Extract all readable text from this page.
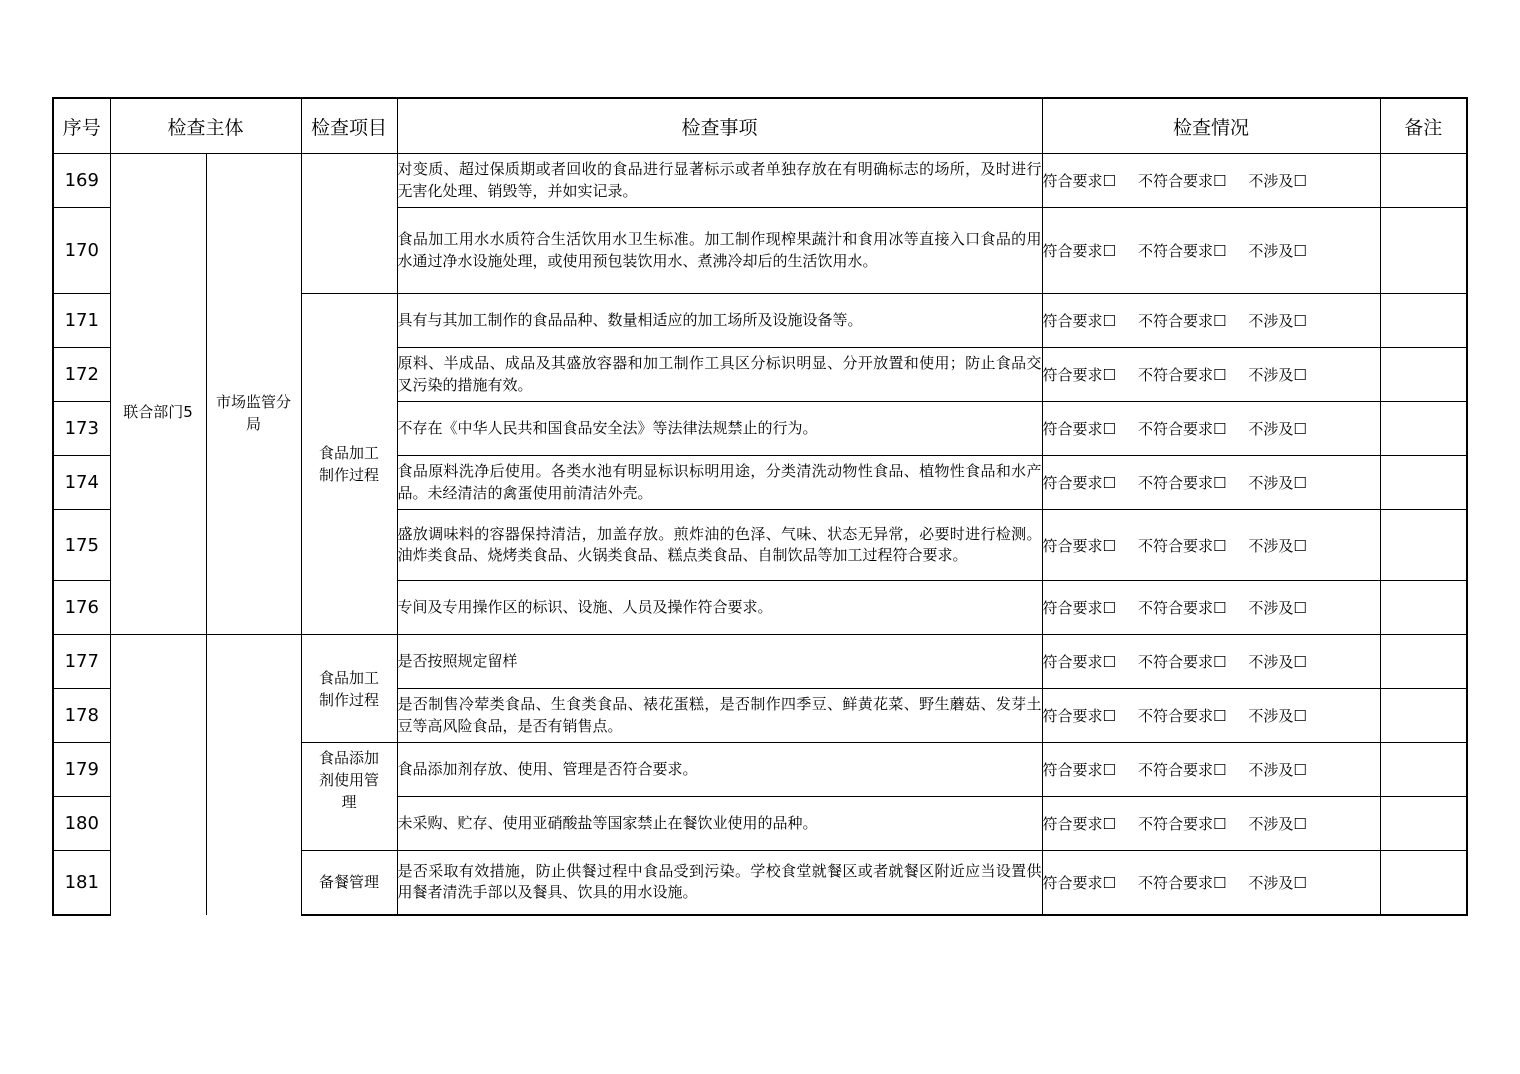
序号	检查主体		检查项目	检查事项	检查情况	备注
169	联合部门5	市场监管分局		对变质、超过保质期或者回收的食品进行显著标示或者单独存放在有明确标志的场所，及时进行无害化处理、销毁等，并如实记录。	符合要求☐ 不符合要求☐ 不涉及☐	
170				食品加工用水水质符合生活饮用水卫生标准。加工制作现榨果蔬汁和食用冰等直接入口食品的用水通过净水设施处理，或使用预包装饮用水、煮沸冷却后的生活饮用水。	符合要求☐ 不符合要求☐ 不涉及☐	
171			食品加工制作过程	具有与其加工制作的食品品种、数量相适应的加工场所及设施设备等。	符合要求☐ 不符合要求☐ 不涉及☐	
172				原料、半成品、成品及其盛放容器和加工制作工具区分标识明显、分开放置和使用；防止食品交叉污染的措施有效。	符合要求☐ 不符合要求☐ 不涉及☐	
173				不存在《中华人民共和国食品安全法》等法律法规禁止的行为。	符合要求☐ 不符合要求☐ 不涉及☐	
174				食品原料洗净后使用。各类水池有明显标识标明用途，分类清洗动物性食品、植物性食品和水产品。未经清洁的禽蛋使用前清洁外壳。	符合要求☐ 不符合要求☐ 不涉及☐	
175				盛放调味料的容器保持清洁，加盖存放。煎炸油的色泽、气味、状态无异常，必要时进行检测。油炸类食品、烧烤类食品、火锅类食品、糕点类食品、自制饮品等加工过程符合要求。	符合要求☐ 不符合要求☐ 不涉及☐	
176				专间及专用操作区的标识、设施、人员及操作符合要求。	符合要求☐ 不符合要求☐ 不涉及☐	
177			食品加工制作过程	是否按照规定留样	符合要求☐ 不符合要求☐ 不涉及☐	
178				是否制售冷荤类食品、生食类食品、裱花蛋糕，是否制作四季豆、鲜黄花菜、野生蘑菇、发芽土豆等高风险食品，是否有销售点。	符合要求☐ 不符合要求☐ 不涉及☐	
179			食品添加剂使用管理	食品添加剂存放、使用、管理是否符合要求。	符合要求☐ 不符合要求☐ 不涉及☐	
180				未采购、贮存、使用亚硝酸盐等国家禁止在餐饮业使用的品种。	符合要求☐ 不符合要求☐ 不涉及☐	
181			备餐管理	是否采取有效措施，防止供餐过程中食品受到污染。学校食堂就餐区或者就餐区附近应当设置供用餐者清洗手部以及餐具、饮具的用水设施。	符合要求☐ 不符合要求☐ 不涉及☐	
